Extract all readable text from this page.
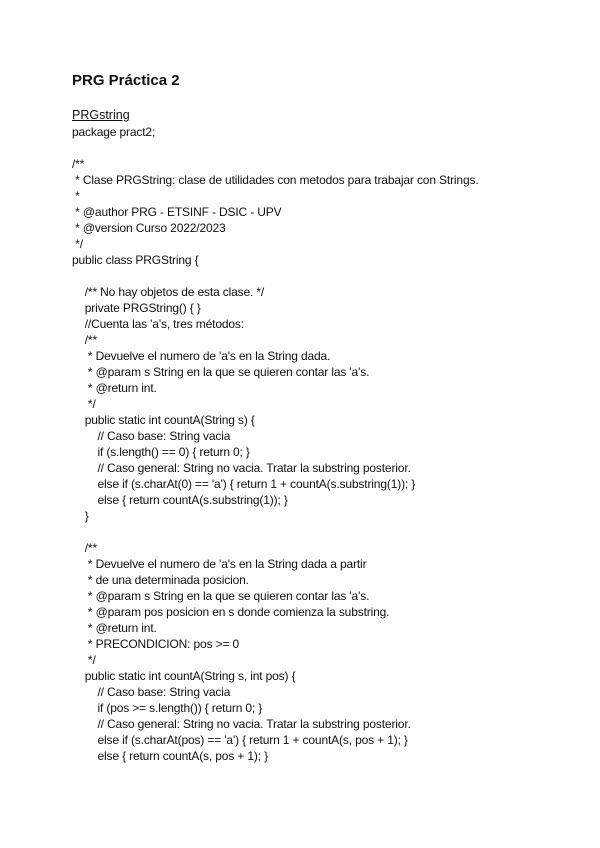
PRG Práctica 2
PRGstring
package pract2;
/**
* Clase PRGString: clase de utilidades con metodos para trabajar con Strings.
*
* @author PRG - ETSINF - DSIC - UPV
* @version Curso 2022/2023
*/
public class PRGString {
/** No hay objetos de esta clase. */
private PRGString() { }
//Cuenta las 'a's, tres métodos:
/**
* Devuelve el numero de 'a's en la String dada.
* @param s String en la que se quieren contar las 'a's.
* @return int.
*/
public static int countA(String s) {
// Caso base: String vacia
if (s.length() == 0) { return 0; }
// Caso general: String no vacia. Tratar la substring posterior.
else if (s.charAt(0) == 'a') { return 1 + countA(s.substring(1)); }
else { return countA(s.substring(1)); }
}
/**
* Devuelve el numero de 'a's en la String dada a partir
* de una determinada posicion.
* @param s String en la que se quieren contar las 'a's.
* @param pos posicion en s donde comienza la substring.
* @return int.
* PRECONDICION: pos >= 0
*/
public static int countA(String s, int pos) {
// Caso base: String vacia
if (pos >= s.length()) { return 0; }
// Caso general: String no vacia. Tratar la substring posterior.
else if (s.charAt(pos) == 'a') { return 1 + countA(s, pos + 1); }
else { return countA(s, pos + 1); }
